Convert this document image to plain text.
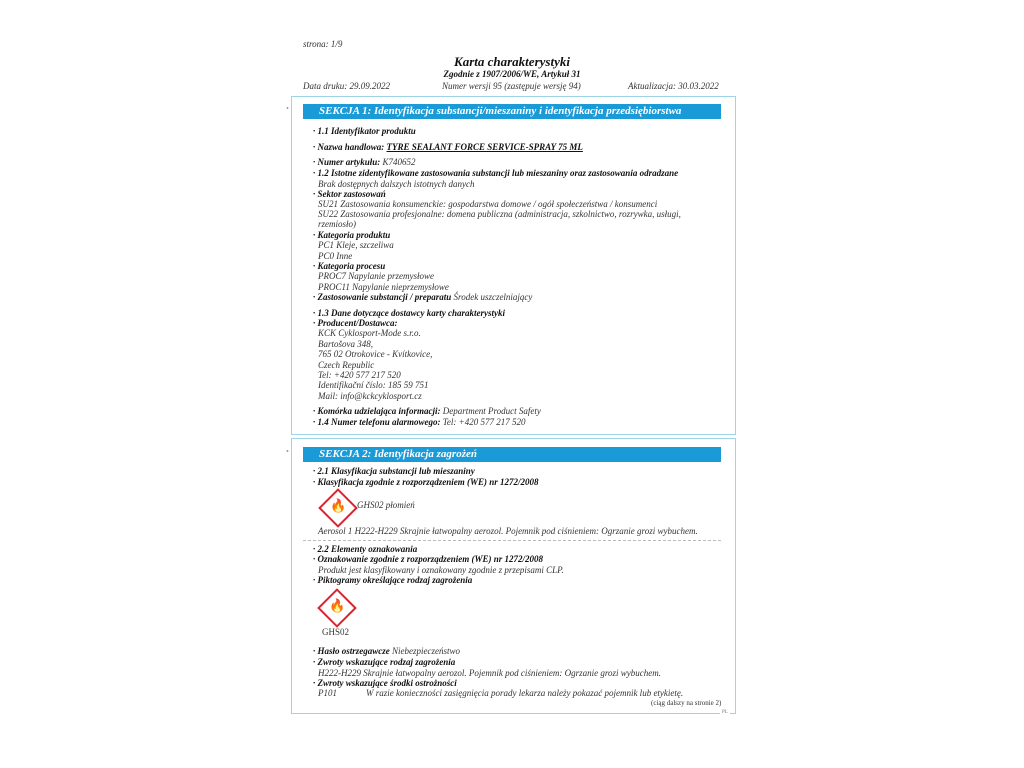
strona: 1/9
Karta charakterystyki
Zgodnie z 1907/2006/WE, Artykuł 31
Data druku: 29.09.2022	Numer wersji 95 (zastępuje wersję 94)	Aktualizacja: 30.03.2022
•	SEKCJA 1: Identyfikacja substancji/mieszaniny i identyfikacja przedsiębiorstwa
· 1.1 Identyfikator produktu
· Nazwa handlowa: TYRE SEALANT FORCE SERVICE-SPRAY 75 ML
· Numer artykułu: K740652
· 1.2 Istotne zidentyfikowane zastosowania substancji lub mieszaniny oraz zastosowania odradzane
Brak dostępnych dalszych istotnych danych
· Sektor zastosowań
SU21 Zastosowania konsumenckie: gospodarstwa domowe / ogół społeczeństwa / konsumenci
SU22 Zastosowania profesjonalne: domena publiczna (administracja, szkolnictwo, rozrywka, usługi,
rzemiosło)
· Kategoria produktu
PC1 Kleje, szczeliwa
PC0 Inne
· Kategoria procesu
PROC7 Napylanie przemysłowe
PROC11 Napylanie nieprzemysłowe
· Zastosowanie substancji / preparatu Środek uszczelniający
· 1.3 Dane dotyczące dostawcy karty charakterystyki
· Producent/Dostawca:
KCK Cyklosport-Mode s.r.o.
Bartošova 348,
765 02 Otrokovice - Kvítkovice,
Czech Republic
Tel: +420 577 217 520
Identifikační číslo: 185 59 751
Mail: info@kckcyklosport.cz
· Komórka udzielająca informacji: Department Product Safety
· 1.4 Numer telefonu alarmowego: Tel: +420 577 217 520
•	SEKCJA 2: Identyfikacja zagrożeń
· 2.1 Klasyfikacja substancji lub mieszaniny
· Klasyfikacja zgodnie z rozporządzeniem (WE) nr 1272/2008
🔥 GHS02 płomień
Aerosol 1 H222-H229 Skrajnie łatwopalny aerozol. Pojemnik pod ciśnieniem: Ogrzanie grozi wybuchem.
· 2.2 Elementy oznakowania
· Oznakowanie zgodnie z rozporządzeniem (WE) nr 1272/2008
Produkt jest klasyfikowany i oznakowany zgodnie z przepisami CLP.
· Piktogramy określające rodzaj zagrożenia
🔥
GHS02
· Hasło ostrzegawcze Niebezpieczeństwo
· Zwroty wskazujące rodzaj zagrożenia
H222-H229 Skrajnie łatwopalny aerozol. Pojemnik pod ciśnieniem: Ogrzanie grozi wybuchem.
· Zwroty wskazujące środki ostrożności
P101	W razie konieczności zasięgnięcia porady lekarza należy pokazać pojemnik lub etykietę.
(ciąg dalszy na stronie 2)
PL
